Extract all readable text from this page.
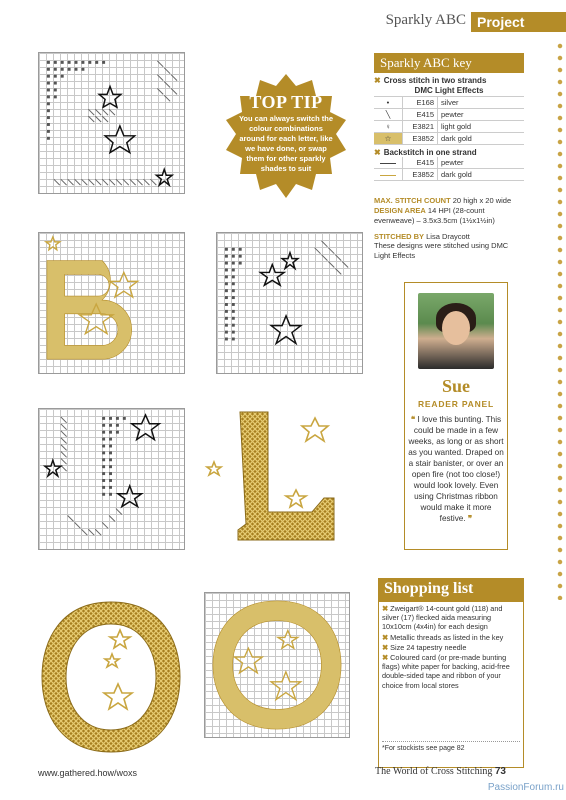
Sparkly ABC Project
TOP TIP
You can always switch the colour combinations around for each letter, like we have done, or swap them for other sparkly shades to suit
Sparkly ABC key
✖ Cross stitch in two strands
DMC Light Effects
•	E168	silver
╲	E415	pewter
♀	E3821	light gold
☆	E3852	dark gold
✖ Backstitch in one strand
	E415	pewter
	E3852	dark gold
MAX. STITCH COUNT 20 high x 20 wide
DESIGN AREA 14 HPI (28-count evenweave) – 3.5x3.5cm (1½x1½in)
STITCHED BY Lisa Draycott
These designs were stitched using DMC Light Effects
Sue
READER PANEL
❝ I love this bunting. This could be made in a few weeks, as long or as short as you wanted. Draped on a stair banister, or over an open fire (not too close!) would look lovely. Even using Christmas ribbon would make it more festive. ❞
Shopping list
✖ Zweigart® 14-count gold (118) and silver (17) flecked aida measuring 10x10cm (4x4in) for each design
✖ Metallic threads as listed in the key
✖ Size 24 tapestry needle
✖ Coloured card (or pre-made bunting flags) white paper for backing, acid-free double-sided tape and ribbon of your choice from local stores
*For stockists see page 82
www.gathered.how/woxs	The World of Cross Stitching 73
PassionForum.ru
